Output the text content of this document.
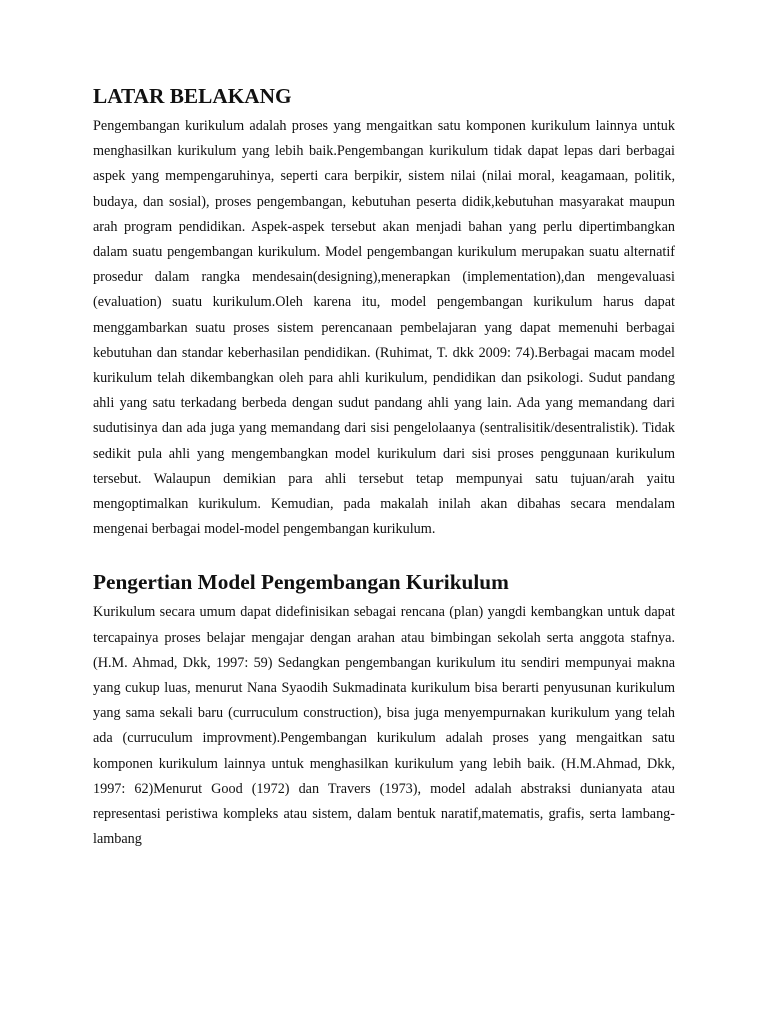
LATAR BELAKANG

Pengembangan kurikulum adalah proses yang mengaitkan satu komponen kurikulum lainnya untuk menghasilkan kurikulum yang lebih baik.Pengembangan kurikulum tidak dapat lepas dari berbagai aspek yang mempengaruhinya, seperti cara berpikir, sistem nilai (nilai moral, keagamaan, politik, budaya, dan sosial), proses pengembangan, kebutuhan peserta didik,kebutuhan masyarakat maupun arah program pendidikan. Aspek-aspek tersebut akan menjadi bahan yang perlu dipertimbangkan dalam suatu pengembangan kurikulum. Model pengembangan kurikulum merupakan suatu alternatif prosedur dalam rangka mendesain(designing),menerapkan (implementation),dan mengevaluasi (evaluation) suatu kurikulum.Oleh karena itu, model pengembangan kurikulum harus dapat menggambarkan suatu proses sistem perencanaan pembelajaran yang dapat memenuhi berbagai kebutuhan dan standar keberhasilan pendidikan. (Ruhimat, T. dkk 2009: 74).Berbagai macam model kurikulum telah dikembangkan oleh para ahli kurikulum, pendidikan dan psikologi. Sudut pandang ahli yang satu terkadang berbeda dengan sudut pandang ahli yang lain. Ada yang memandang dari sudutisinya dan ada juga yang memandang dari sisi pengelolaanya (sentralisitik/desentralistik). Tidak sedikit pula ahli yang mengembangkan model kurikulum dari sisi proses penggunaan kurikulum tersebut. Walaupun demikian para ahli tersebut tetap mempunyai satu tujuan/arah yaitu mengoptimalkan kurikulum. Kemudian, pada makalah inilah akan dibahas secara mendalam mengenai berbagai model-model pengembangan kurikulum.

Pengertian Model Pengembangan Kurikulum

Kurikulum secara umum dapat didefinisikan sebagai rencana (plan) yangdi kembangkan untuk dapat tercapainya proses belajar mengajar dengan arahan atau bimbingan sekolah serta anggota stafnya. (H.M. Ahmad, Dkk, 1997: 59) Sedangkan pengembangan kurikulum itu sendiri mempunyai makna yang cukup luas, menurut Nana Syaodih Sukmadinata kurikulum bisa berarti penyusunan kurikulum yang sama sekali baru (curruculum construction), bisa juga menyempurnakan kurikulum yang telah ada (curruculum improvment).Pengembangan kurikulum adalah proses yang mengaitkan satu komponen kurikulum lainnya untuk menghasilkan kurikulum yang lebih baik. (H.M.Ahmad, Dkk, 1997: 62)Menurut Good (1972) dan Travers (1973), model adalah abstraksi dunianyata atau representasi peristiwa kompleks atau sistem, dalam bentuk naratif,matematis, grafis, serta lambang-lambang
